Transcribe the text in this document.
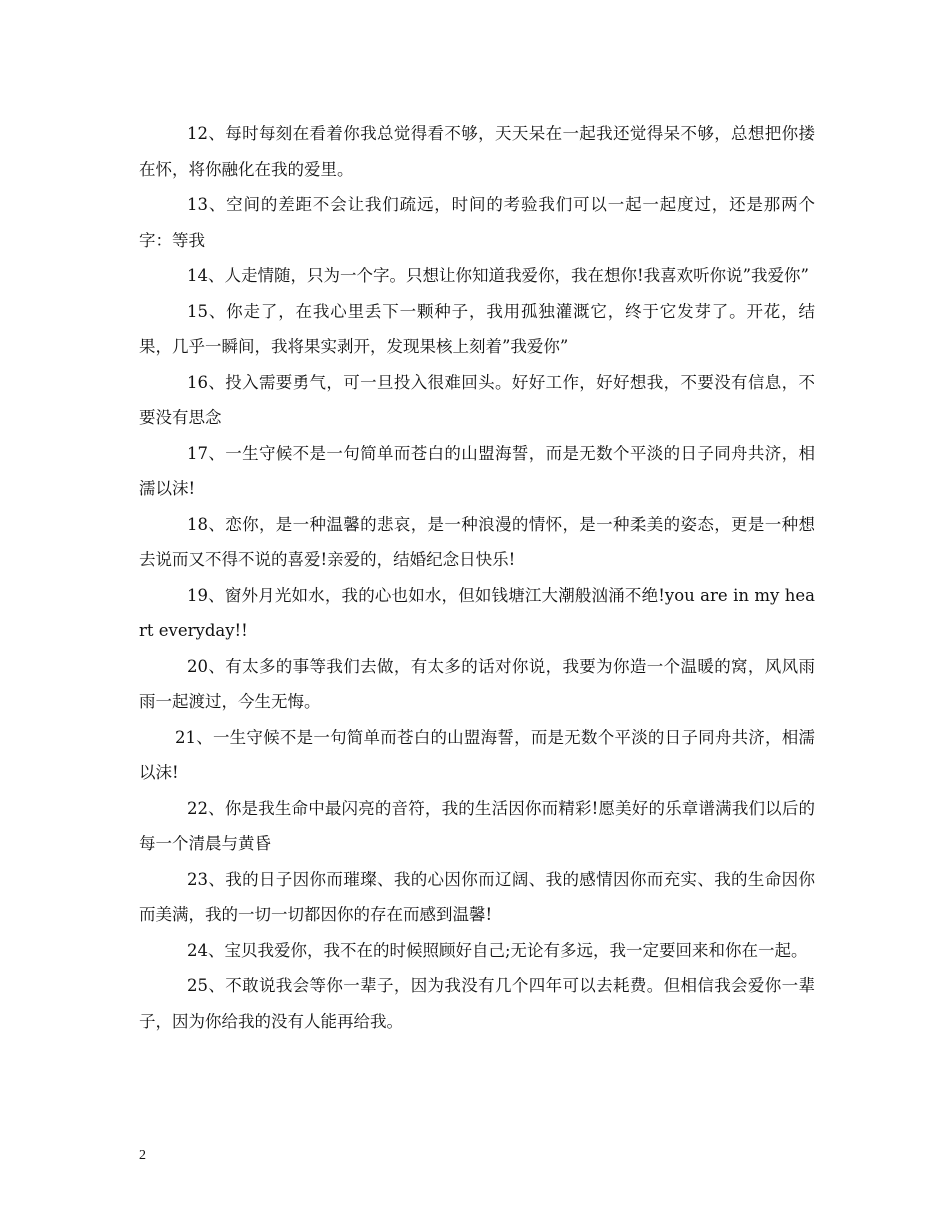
12、每时每刻在看着你我总觉得看不够，天天呆在一起我还觉得呆不够，总想把你搂在怀，将你融化在我的爱里。

13、空间的差距不会让我们疏远，时间的考验我们可以一起一起度过，还是那两个字：等我

14、人走情随，只为一个字。只想让你知道我爱你，我在想你!我喜欢听你说”我爱你”

15、你走了，在我心里丢下一颗种子，我用孤独灌溉它，终于它发芽了。开花，结果，几乎一瞬间，我将果实剥开，发现果核上刻着”我爱你”

16、投入需要勇气，可一旦投入很难回头。好好工作，好好想我，不要没有信息，不要没有思念

17、一生守候不是一句简单而苍白的山盟海誓，而是无数个平淡的日子同舟共济，相濡以沫!

18、恋你，是一种温馨的悲哀，是一种浪漫的情怀，是一种柔美的姿态，更是一种想去说而又不得不说的喜爱!亲爱的，结婚纪念日快乐!

19、窗外月光如水，我的心也如水，但如钱塘江大潮般汹涌不绝!you are in my heart everyday!!

20、有太多的事等我们去做，有太多的话对你说，我要为你造一个温暖的窝，风风雨雨一起渡过，今生无悔。

21、一生守候不是一句简单而苍白的山盟海誓，而是无数个平淡的日子同舟共济，相濡以沫!

22、你是我生命中最闪亮的音符，我的生活因你而精彩!愿美好的乐章谱满我们以后的每一个清晨与黄昏

23、我的日子因你而璀璨、我的心因你而辽阔、我的感情因你而充实、我的生命因你而美满，我的一切一切都因你的存在而感到温馨!

24、宝贝我爱你，我不在的时候照顾好自己;无论有多远，我一定要回来和你在一起。

25、不敢说我会等你一辈子，因为我没有几个四年可以去耗费。但相信我会爱你一辈子，因为你给我的没有人能再给我。

2
